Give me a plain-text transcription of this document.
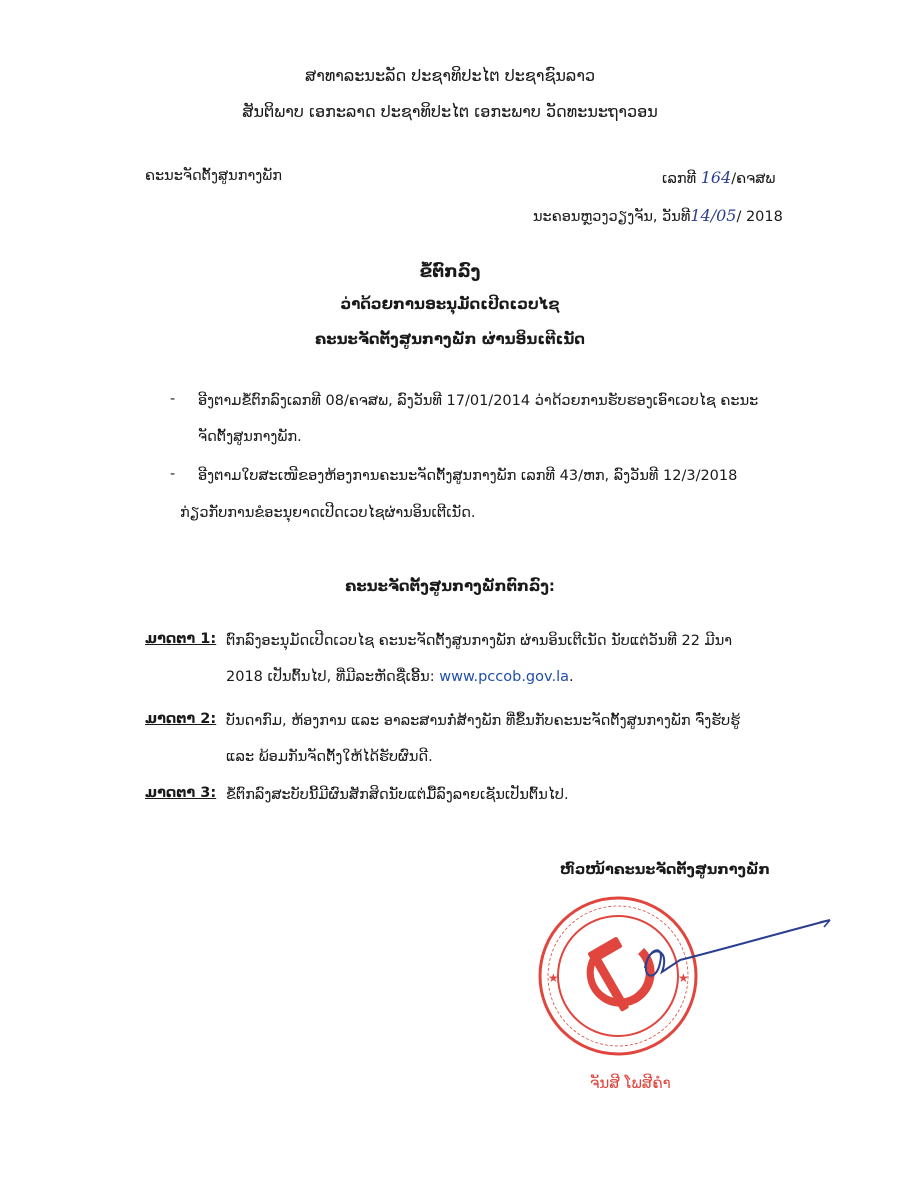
ສາທາລະນະລັດ ປະຊາທິປະໄຕ ປະຊາຊົນລາວ
ສັນຕິພາບ ເອກະລາດ ປະຊາທິປະໄຕ ເອກະພາບ ວັດທະນະຖາວອນ
ຄະນະຈັດຕັ້ງສູນກາງພັກ	ເລກທີ 164/ຄຈສພ
ນະຄອນຫຼວງວຽງຈັນ, ວັນທີ14/05/ 2018
ຂໍ້ຕົກລົງ
ວ່າດ້ວຍການອະນຸມັດເປີດເວບໄຊ
ຄະນະຈັດຕັ້ງສູນກາງພັກ ຜ່ານອິນເຕີເນັດ
- ອີງຕາມຂໍ້ຕົກລົງເລກທີ 08/ຄຈສພ, ລົງວັນທີ 17/01/2014 ວ່າດ້ວຍການຮັບຮອງເອົາເວບໄຊ ຄະນະ
ຈັດຕັ້ງສູນກາງພັກ.
- ອີງຕາມໃບສະເໜີຂອງຫ້ອງການຄະນະຈັດຕັ້ງສູນກາງພັກ ເລກທີ 43/ຫກ, ລົງວັນທີ 12/3/2018
ກ່ຽວກັບການຂໍອະນຸຍາດເປີດເວບໄຊຜ່ານອິນເຕີເນັດ.
ຄະນະຈັດຕັ້ງສູນກາງພັກຕົກລົງ:
ມາດຕາ 1: ຕົກລົງອະນຸມັດເປີດເວບໄຊ ຄະນະຈັດຕັ້ງສູນກາງພັກ ຜ່ານອິນເຕີເນັດ ນັບແຕ່ວັນທີ 22 ມີນາ
2018 ເປັນຕົ້ນໄປ, ທີ່ມີລະຫັດຊື່ເອີ້ນ: www.pccob.gov.la.
ມາດຕາ 2: ບັນດາກົມ, ຫ້ອງການ ແລະ ອາລະສານກໍ່ສ້າງພັກ ທີ່ຂຶ້ນກັບຄະນະຈັດຕັ້ງສູນກາງພັກ ຈົ່ງຮັບຮູ້
ແລະ ພ້ອມກັນຈັດຕັ້ງໃຫ້ໄດ້ຮັບຜົນດີ.
ມາດຕາ 3: ຂໍ້ຕົກລົງສະບັບນີ້ມີຜົນສັກສິດນັບແຕ່ມື້ລົງລາຍເຊັນເປັນຕົ້ນໄປ.
ຫົວໜ້າຄະນະຈັດຕັ້ງສູນກາງພັກ
★	★
ຈັນສີ ໂພສີຄຳ
